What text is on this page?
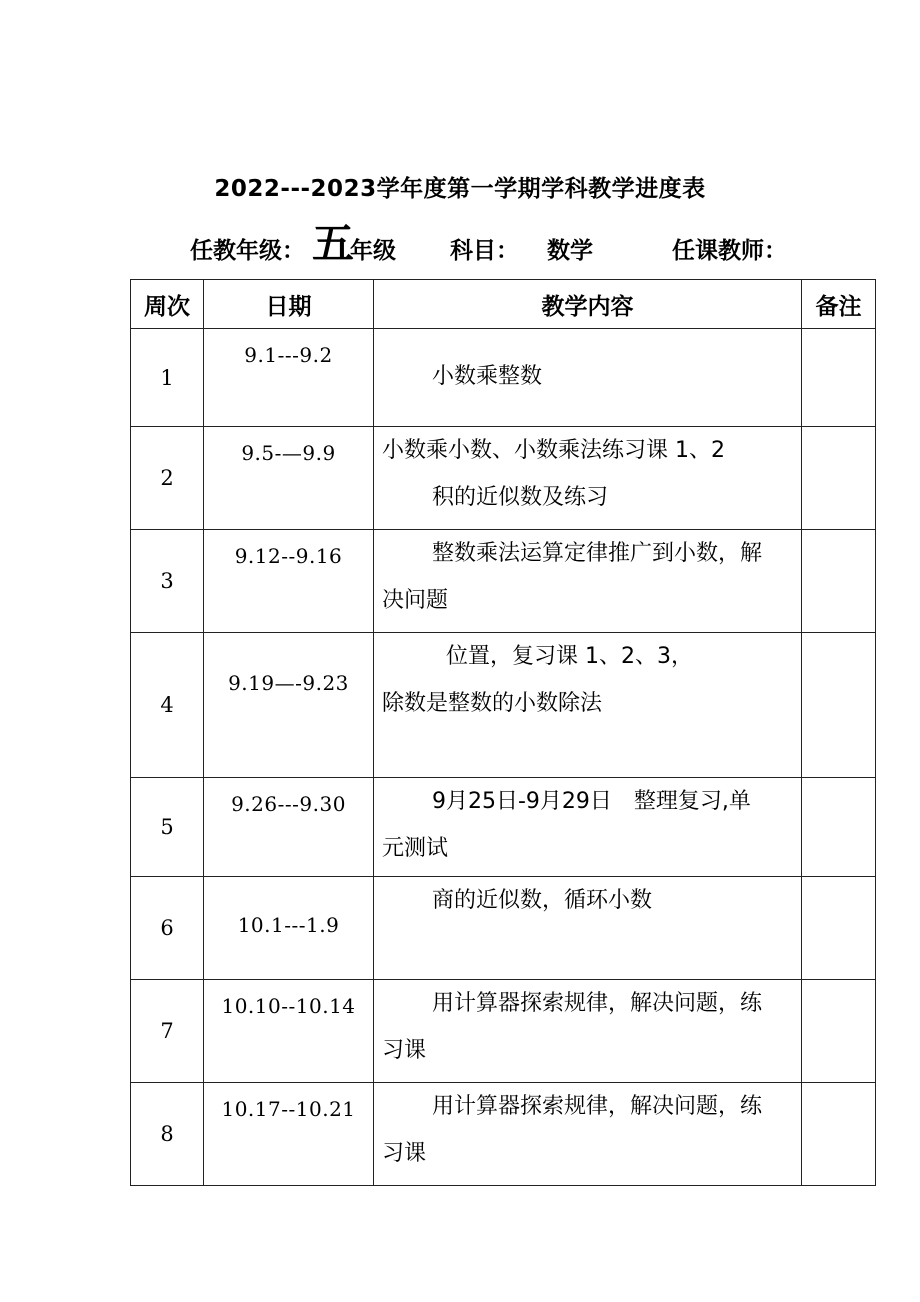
2022---2023学年度第一学期学科教学进度表
任教年级： 五
年级 科目： 数学	任课教师：
周次	日期	教学内容	备注
1	9.1---9.2	小数乘整数	

2	9.5-—9.9	小数乘小数、小数乘法练习课 1、2
积的近似数及练习	

3	9.12--9.16	整数乘法运算定律推广到小数，解
决问题	

4	9.19—-9.23	位置，复习课 1、2、3，
除数是整数的小数除法	

5	9.26---9.30	9月25日-9月29日　整理复习,单
元测试	

6	10.1---1.9	商的近似数，循环小数	

7	10.10--10.14	用计算器探索规律，解决问题，练
习课	

8	10.17--10.21	用计算器探索规律，解决问题，练
习课	
